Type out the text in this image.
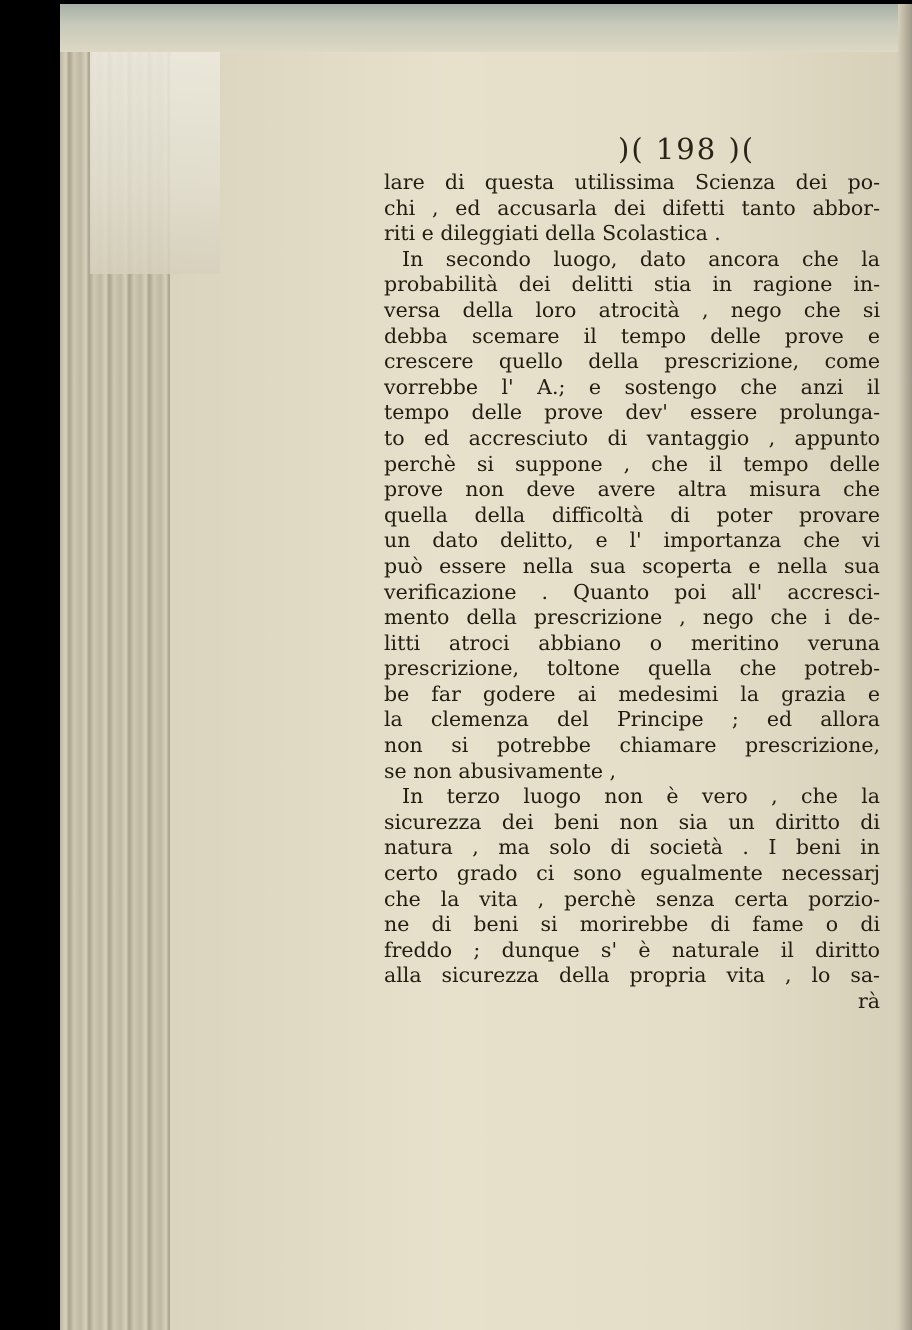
)( 198 )(
lare di questa utilissima Scienza dei po-
chi , ed accusarla dei difetti tanto abbor-
riti e dileggiati della Scolastica .
In secondo luogo, dato ancora che la
probabilità dei delitti stia in ragione in-
versa della loro atrocità , nego che si
debba scemare il tempo delle prove e
crescere quello della prescrizione, come
vorrebbe l' A.; e sostengo che anzi il
tempo delle prove dev' essere prolunga-
to ed accresciuto di vantaggio , appunto
perchè si suppone , che il tempo delle
prove non deve avere altra misura che
quella della difficoltà di poter provare
un dato delitto, e l' importanza che vi
può essere nella sua scoperta e nella sua
verificazione . Quanto poi all' accresci-
mento della prescrizione , nego che i de-
litti atroci abbiano o meritino veruna
prescrizione, toltone quella che potreb-
be far godere ai medesimi la grazia e
la clemenza del Principe ; ed allora
non si potrebbe chiamare prescrizione,
se non abusivamente ,
In terzo luogo non è vero , che la
sicurezza dei beni non sia un diritto di
natura , ma solo di società . I beni in
certo grado ci sono egualmente necessarj
che la vita , perchè senza certa porzio-
ne di beni si morirebbe di fame o di
freddo ; dunque s' è naturale il diritto
alla sicurezza della propria vita , lo sa-
rà
